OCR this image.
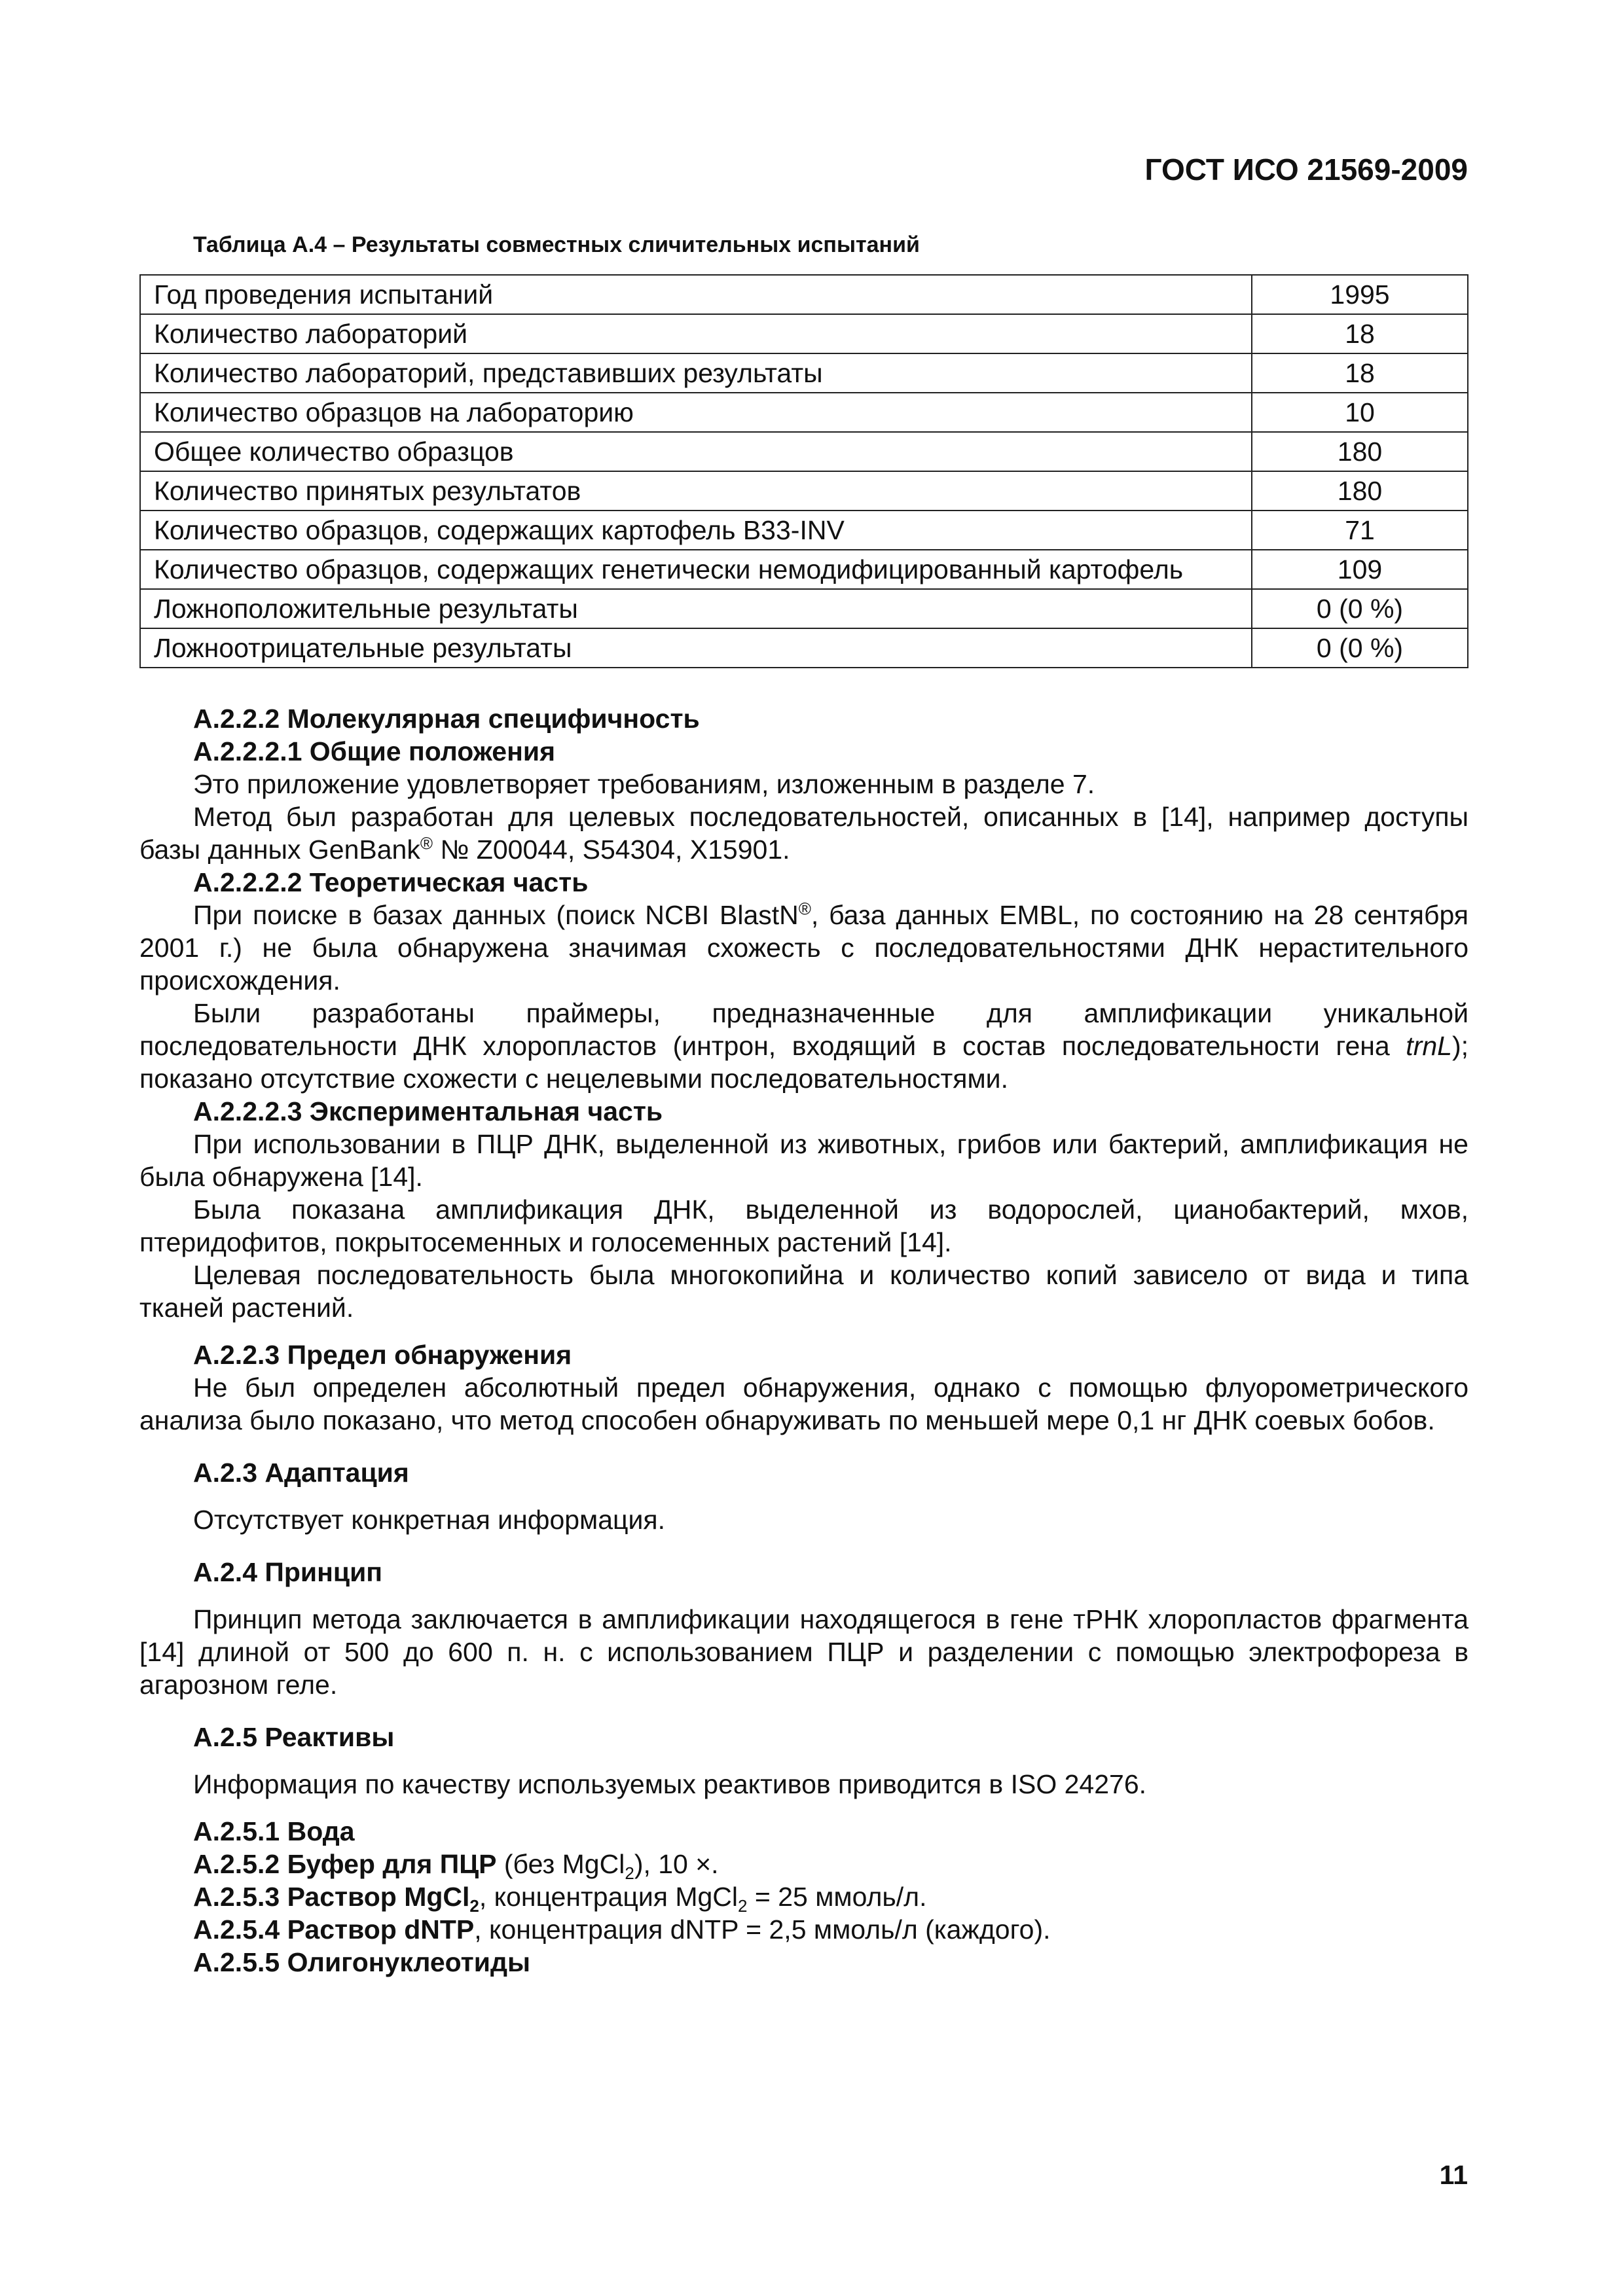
ГОСТ ИСО 21569-2009
Таблица А.4 – Результаты совместных сличительных испытаний
Год проведения испытаний	1995
Количество лабораторий	18
Количество лабораторий, представивших результаты	18
Количество образцов на лабораторию	10
Общее количество образцов	180
Количество принятых результатов	180
Количество образцов, содержащих картофель B33-INV	71
Количество образцов, содержащих генетически немодифицированный картофель	109
Ложноположительные результаты	0 (0 %)
Ложноотрицательные результаты	0 (0 %)

А.2.2.2 Молекулярная специфичность

А.2.2.2.1 Общие положения

Это приложение удовлетворяет требованиям, изложенным в разделе 7.

Метод был разработан для целевых последовательностей, описанных в [14], например доступы базы данных GenBank® № Z00044, S54304, X15901.

А.2.2.2.2 Теоретическая часть

При поиске в базах данных (поиск NCBI BlastN®, база данных EMBL, по состоянию на 28 сентября 2001 г.) не была обнаружена значимая схожесть с последовательностями ДНК нерастительного происхождения.

Были разработаны праймеры, предназначенные для амплификации уникальной последовательности ДНК хлоропластов (интрон, входящий в состав последовательности гена trnL); показано отсутствие схожести с нецелевыми последовательностями.

А.2.2.2.3 Экспериментальная часть

При использовании в ПЦР ДНК, выделенной из животных, грибов или бактерий, амплификация не была обнаружена [14].

Была показана амплификация ДНК, выделенной из водорослей, цианобактерий, мхов, птеридофитов, покрытосеменных и голосеменных растений [14].

Целевая последовательность была многокопийна и количество копий зависело от вида и типа тканей растений.

А.2.2.3 Предел обнаружения

Не был определен абсолютный предел обнаружения, однако с помощью флуорометрического анализа было показано, что метод способен обнаруживать по меньшей мере 0,1 нг ДНК соевых бобов.

А.2.3 Адаптация

Отсутствует конкретная информация.

А.2.4 Принцип

Принцип метода заключается в амплификации находящегося в гене тРНК хлоропластов фрагмента [14] длиной от 500 до 600 п. н. с использованием ПЦР и разделении с помощью электрофореза в агарозном геле.

А.2.5 Реактивы

Информация по качеству используемых реактивов приводится в ISO 24276.

А.2.5.1 Вода

А.2.5.2 Буфер для ПЦР (без MgCl$_2$), 10 ×.

А.2.5.3 Раствор MgCl$_2$, концентрация MgCl$_2$ = 25 ммоль/л.

А.2.5.4 Раствор dNTP, концентрация dNTP = 2,5 ммоль/л (каждого).

А.2.5.5 Олигонуклеотиды

11
